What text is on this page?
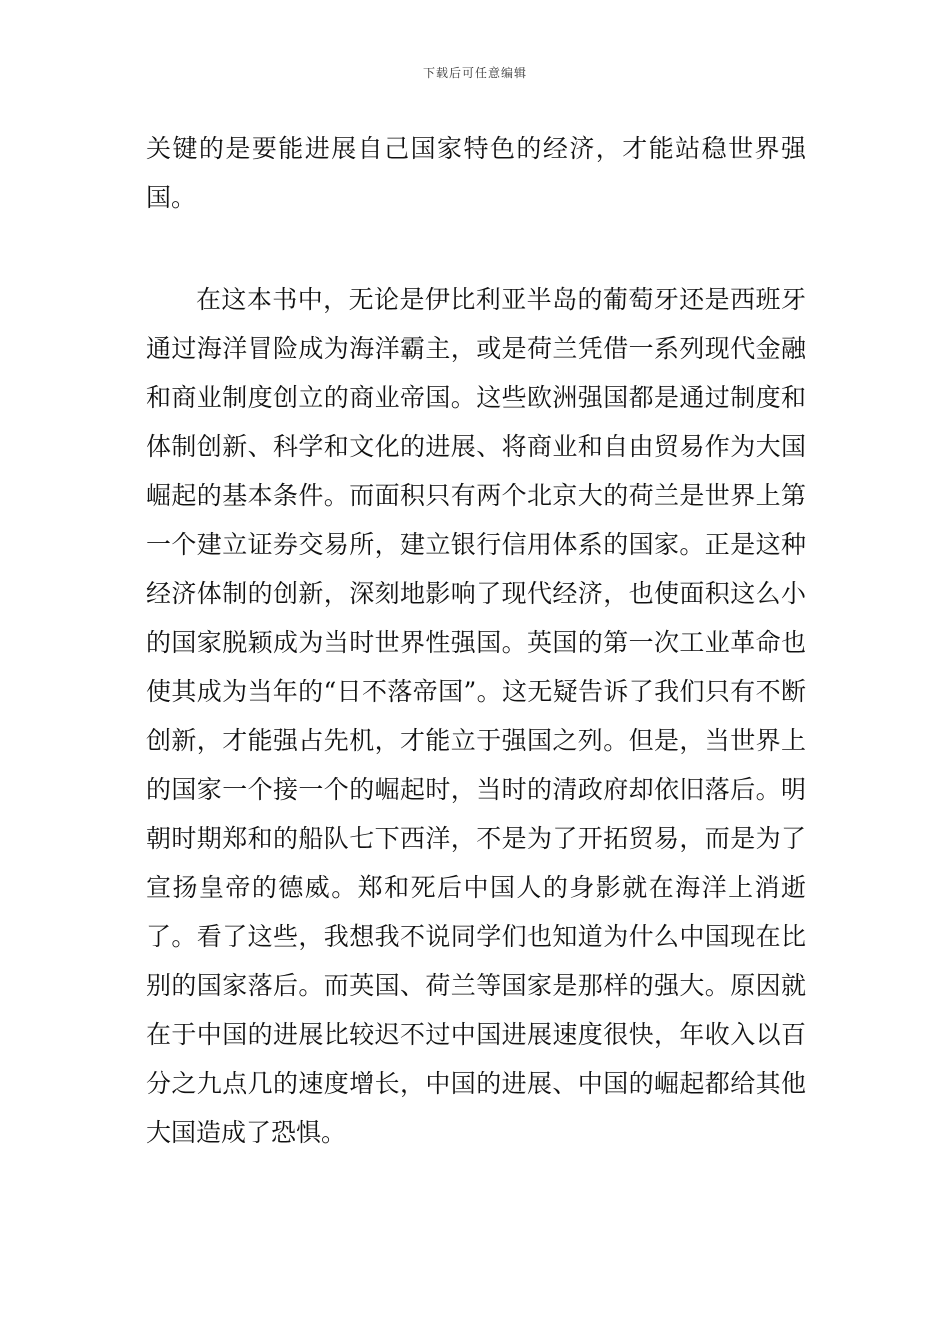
下载后可任意编辑

关键的是要能进展自己国家特色的经济，才能站稳世界强国。

在这本书中，无论是伊比利亚半岛的葡萄牙还是西班牙通过海洋冒险成为海洋霸主，或是荷兰凭借一系列现代金融和商业制度创立的商业帝国。这些欧洲强国都是通过制度和体制创新、科学和文化的进展、将商业和自由贸易作为大国崛起的基本条件。而面积只有两个北京大的荷兰是世界上第一个建立证券交易所，建立银行信用体系的国家。正是这种经济体制的创新，深刻地影响了现代经济，也使面积这么小的国家脱颖成为当时世界性强国。英国的第一次工业革命也使其成为当年的“日不落帝国”。这无疑告诉了我们只有不断创新，才能强占先机，才能立于强国之列。但是，当世界上的国家一个接一个的崛起时，当时的清政府却依旧落后。明朝时期郑和的船队七下西洋，不是为了开拓贸易，而是为了宣扬皇帝的德威。郑和死后中国人的身影就在海洋上消逝了。看了这些，我想我不说同学们也知道为什么中国现在比别的国家落后。而英国、荷兰等国家是那样的强大。原因就在于中国的进展比较迟不过中国进展速度很快，年收入以百分之九点几的速度增长，中国的进展、中国的崛起都给其他大国造成了恐惧。
